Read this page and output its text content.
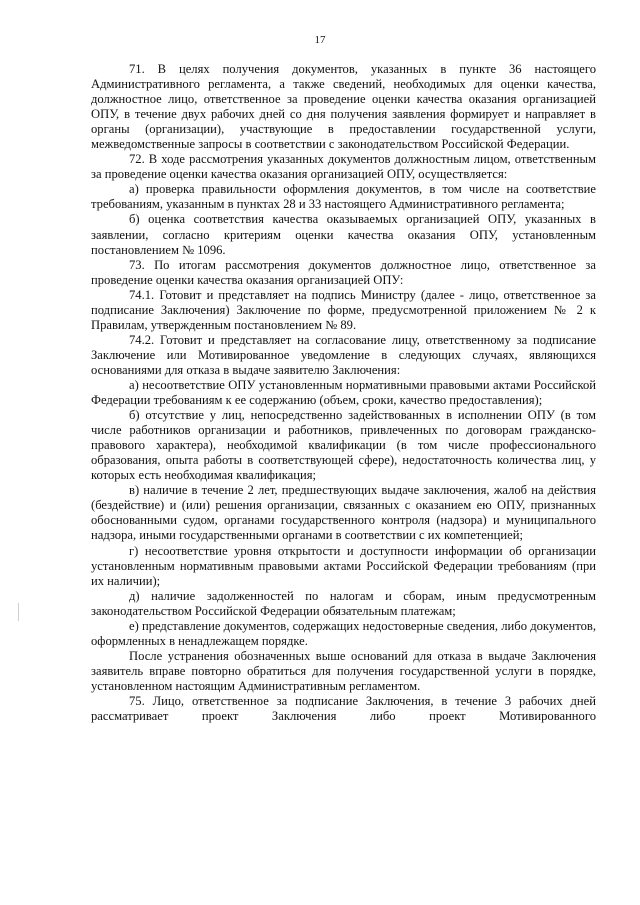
17

71. В целях получения документов, указанных в пункте 36 настоящего Административного регламента, а также сведений, необходимых для оценки качества, должностное лицо, ответственное за проведение оценки качества оказания организацией ОПУ, в течение двух рабочих дней со дня получения заявления формирует и направляет в органы (организации), участвующие в предоставлении государственной услуги, межведомственные запросы в соответствии с законодательством Российской Федерации.

72. В ходе рассмотрения указанных документов должностным лицом, ответственным за проведение оценки качества оказания организацией ОПУ, осуществляется:

а) проверка правильности оформления документов, в том числе на соответствие требованиям, указанным в пунктах 28 и 33 настоящего Административного регламента;

б) оценка соответствия качества оказываемых организацией ОПУ, указанных в заявлении, согласно критериям оценки качества оказания ОПУ, установленным постановлением № 1096.

73. По итогам рассмотрения документов должностное лицо, ответственное за проведение оценки качества оказания организацией ОПУ:

74.1. Готовит и представляет на подпись Министру (далее - лицо, ответственное за подписание Заключения) Заключение по форме, предусмотренной приложением № 2 к Правилам, утвержденным постановлением № 89.

74.2. Готовит и представляет на согласование лицу, ответственному за подписание Заключение или Мотивированное уведомление в следующих случаях, являющихся основаниями для отказа в выдаче заявителю Заключения:

а) несоответствие ОПУ установленным нормативными правовыми актами Российской Федерации требованиям к ее содержанию (объем, сроки, качество предоставления);

б) отсутствие у лиц, непосредственно задействованных в исполнении ОПУ (в том числе работников организации и работников, привлеченных по договорам гражданско-правового характера), необходимой квалификации (в том числе профессионального образования, опыта работы в соответствующей сфере), недостаточность количества лиц, у которых есть необходимая квалификация;

в) наличие в течение 2 лет, предшествующих выдаче заключения, жалоб на действия (бездействие) и (или) решения организации, связанных с оказанием ею ОПУ, признанных обоснованными судом, органами государственного контроля (надзора) и муниципального надзора, иными государственными органами в соответствии с их компетенцией;

г) несоответствие уровня открытости и доступности информации об организации установленным нормативным правовыми актами Российской Федерации требованиям (при их наличии);

д) наличие задолженностей по налогам и сборам, иным предусмотренным законодательством Российской Федерации обязательным платежам;

е) представление документов, содержащих недостоверные сведения, либо документов, оформленных в ненадлежащем порядке.

После устранения обозначенных выше оснований для отказа в выдаче Заключения заявитель вправе повторно обратиться для получения государственной услуги в порядке, установленном настоящим Административным регламентом.

75. Лицо, ответственное за подписание Заключения, в течение 3 рабочих дней рассматривает проект Заключения либо проект Мотивированного
